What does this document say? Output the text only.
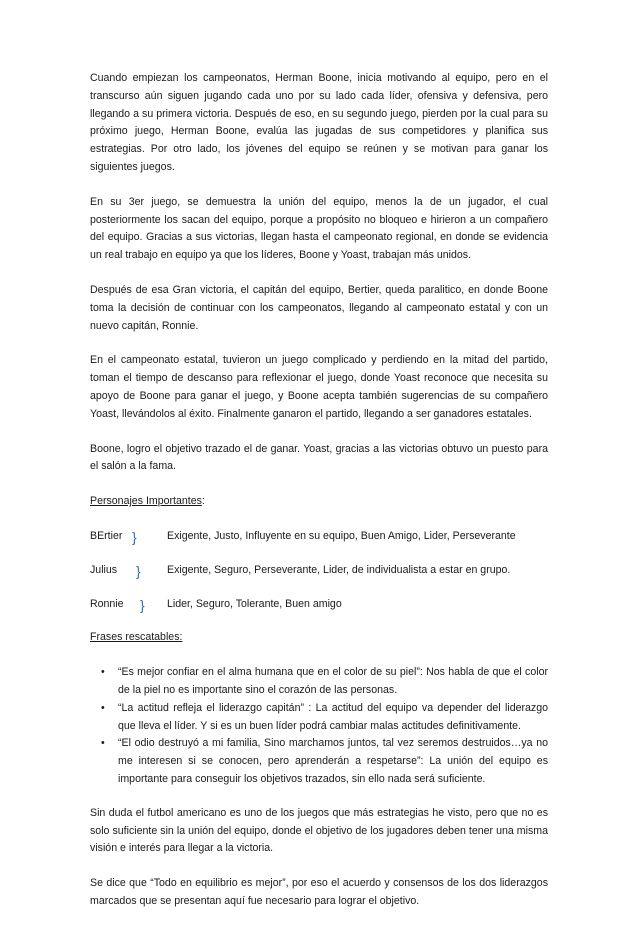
Cuando empiezan los campeonatos, Herman Boone, inicia motivando al equipo, pero en el transcurso aún siguen jugando cada uno por su lado cada líder, ofensiva y defensiva, pero llegando a su primera victoria. Después de eso, en su segundo juego, pierden por la cual para su próximo juego, Herman Boone, evalúa las jugadas de sus competidores y planifica sus estrategias. Por otro lado, los jóvenes del equipo se reúnen y se motivan para ganar los siguientes juegos.

En su 3er juego, se demuestra la unión del equipo, menos la de un jugador, el cual posteriormente los sacan del equipo, porque a propósito no bloqueo e hirieron a un compañero del equipo. Gracias a sus victorias, llegan hasta el campeonato regional, en donde se evidencia un real trabajo en equipo ya que los líderes, Boone y Yoast, trabajan más unidos.

Después de esa Gran victoria, el capitán del equipo, Bertier, queda paralitico, en donde Boone toma la decisión de continuar con los campeonatos, llegando al campeonato estatal y con un nuevo capitán, Ronnie.

En el campeonato estatal, tuvieron un juego complicado y perdiendo en la mitad del partido, toman el tiempo de descanso para reflexionar el juego, donde Yoast reconoce que necesita su apoyo de Boone para ganar el juego, y Boone acepta también sugerencias de su compañero Yoast, llevándolos al éxito. Finalmente ganaron el partido, llegando a ser ganadores estatales.

Boone, logro el objetivo trazado el de ganar. Yoast, gracias a las victorias obtuvo un puesto para el salón a la fama.

Personajes Importantes:
BErtier }	Exigente, Justo, Influyente en su equipo, Buen Amigo, Lider, Perseverante
Julius	} Exigente, Seguro, Perseverante, Lider, de individualista a estar en grupo.
Ronnie	} Lider, Seguro, Tolerante, Buen amigo
Frases rescatables:
• “Es mejor confiar en el alma humana que en el color de su piel”: Nos habla de que el color de la piel no es importante sino el corazón de las personas.
• “La actitud refleja el liderazgo capitán” : La actitud del equipo va depender del liderazgo que lleva el líder. Y si es un buen líder podrá cambiar malas actitudes definitivamente.
• “El odio destruyó a mi familia, Sino marchamos juntos, tal vez seremos destruidos…ya no me interesen si se conocen, pero aprenderán a respetarse”: La unión del equipo es importante para conseguir los objetivos trazados, sin ello nada será suficiente.

Sin duda el futbol americano es uno de los juegos que más estrategias he visto, pero que no es solo suficiente sin la unión del equipo, donde el objetivo de los jugadores deben tener una misma visión e interés para llegar a la victoria.

Se dice que “Todo en equilibrio es mejor”, por eso el acuerdo y consensos de los dos liderazgos marcados que se presentan aquí fue necesario para lograr el objetivo.
